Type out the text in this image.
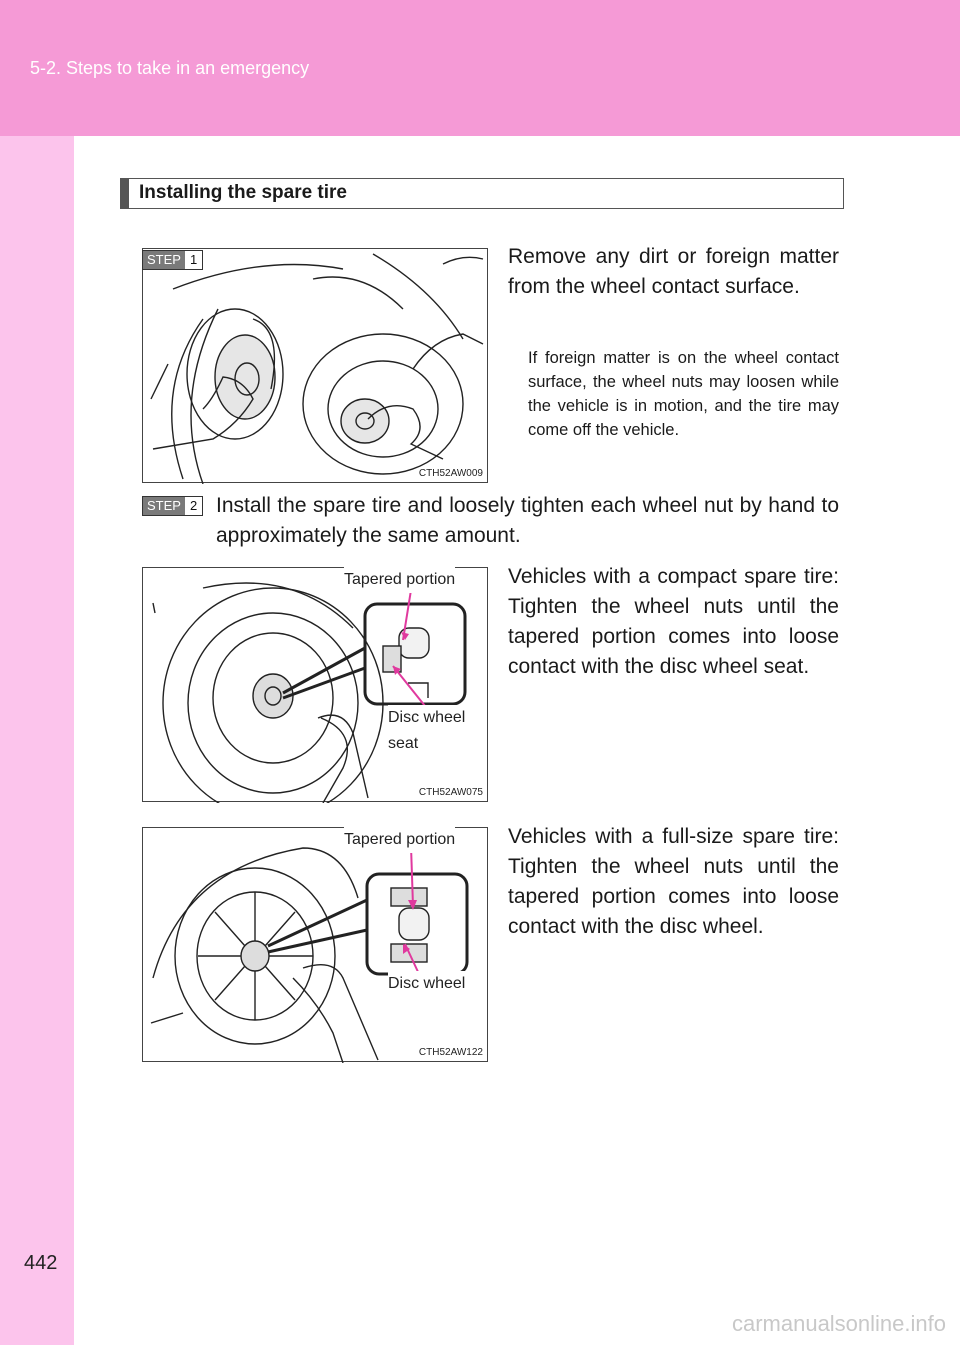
5-2. Steps to take in an emergency
Installing the spare tire
CTH52AW009
STEP 1	Remove any dirt or foreign matter from the wheel contact surface.
If foreign matter is on the wheel contact surface, the wheel nuts may loosen while the vehicle is in motion, and the tire may come off the vehicle.
STEP 2 Install the spare tire and loosely tighten each wheel nut by hand to approximately the same amount.
CTH52AW075
Tapered portion
Disc wheel
seat
Vehicles with a compact spare tire: Tighten the wheel nuts until the tapered portion comes into loose contact with the disc wheel seat.
CTH52AW122
Tapered portion
Disc wheel
Vehicles with a full-size spare tire: Tighten the wheel nuts until the tapered portion comes into loose contact with the disc wheel.
442
carmanualsonline.info
